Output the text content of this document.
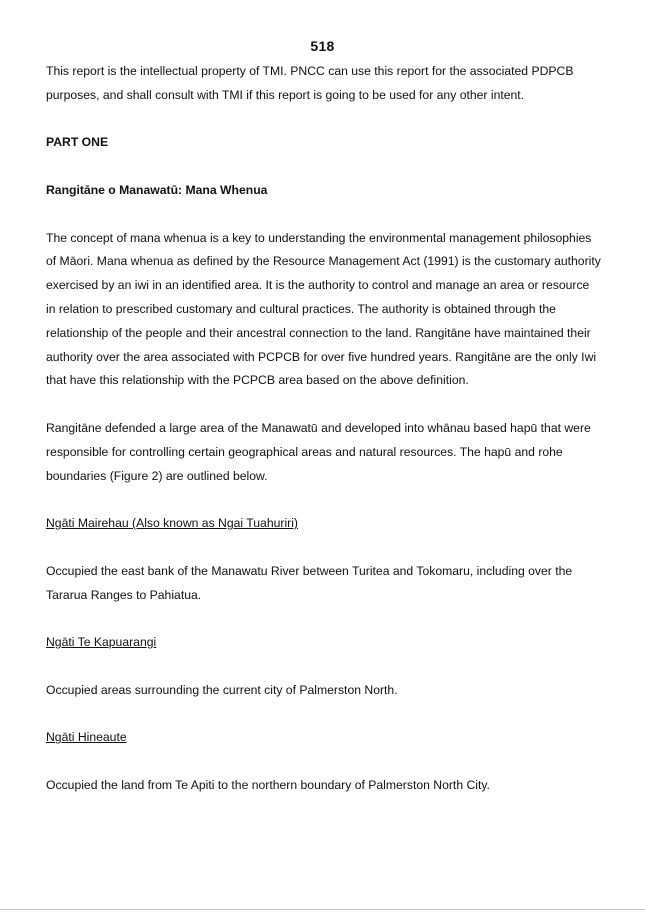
518

This report is the intellectual property of TMI. PNCC can use this report for the associated PDPCB purposes, and shall consult with TMI if this report is going to be used for any other intent.

PART ONE

Rangitāne o Manawatū: Mana Whenua

The concept of mana whenua is a key to understanding the environmental management philosophies of Māori. Mana whenua as defined by the Resource Management Act (1991) is the customary authority exercised by an iwi in an identified area. It is the authority to control and manage an area or resource in relation to prescribed customary and cultural practices. The authority is obtained through the relationship of the people and their ancestral connection to the land. Rangitāne have maintained their authority over the area associated with PCPCB for over five hundred years. Rangitāne are the only Iwi that have this relationship with the PCPCB area based on the above definition.

Rangitāne defended a large area of the Manawatū and developed into whānau based hapū that were responsible for controlling certain geographical areas and natural resources. The hapū and rohe boundaries (Figure 2) are outlined below.

Ngāti Mairehau (Also known as Ngai Tuahuriri)

Occupied the east bank of the Manawatu River between Turitea and Tokomaru, including over the Tararua Ranges to Pahiatua.

Ngāti Te Kapuarangi

Occupied areas surrounding the current city of Palmerston North.

Ngāti Hineaute

Occupied the land from Te Apiti to the northern boundary of Palmerston North City.
